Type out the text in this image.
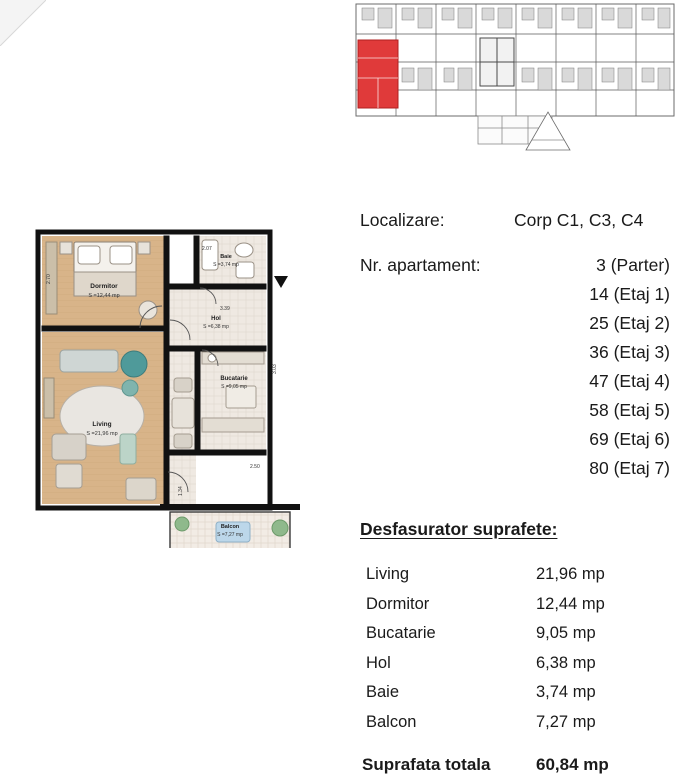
Dormitor
S =12,44 mp
Living
S =21,96 mp
Bucatarie
S =9,05 mp
Hol
S =6,38 mp
Baie
S =3,74 mp
Balcon
S =7,27 mp
2.07
3.39
2.50
3.03
2.70
1.34
Localizare:	Corp C1, C3, C4
Nr. apartament:	3 (Parter)
14 (Etaj 1)
25 (Etaj 2)
36 (Etaj 3)
47 (Etaj 4)
58 (Etaj 5)
69 (Etaj 6)
80 (Etaj 7)
Desfasurator suprafete:
Living	21,96 mp
Dormitor	12,44 mp
Bucatarie	9,05 mp
Hol	6,38 mp
Baie	3,74 mp
Balcon	7,27 mp
Suprafata totala	60,84 mp
